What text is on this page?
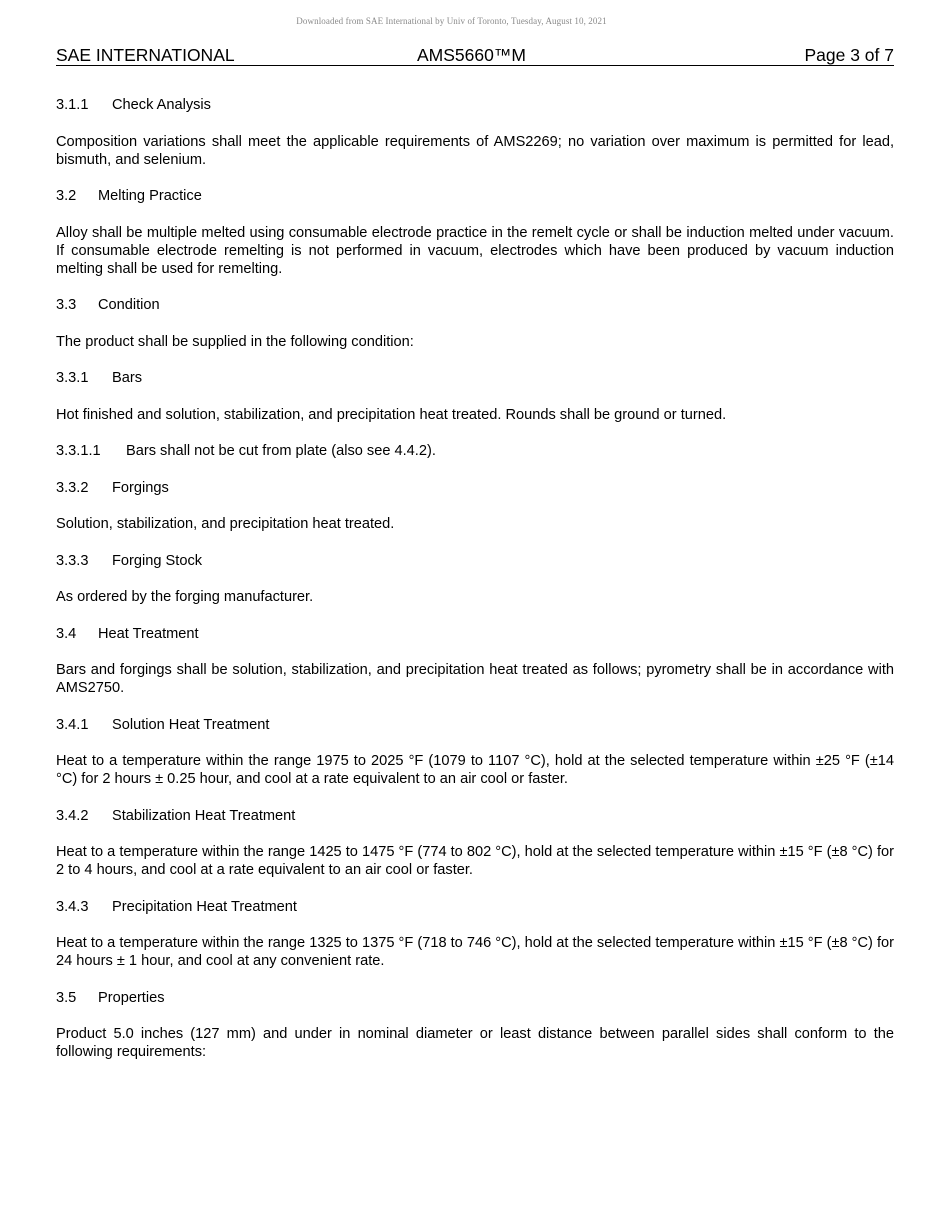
Downloaded from SAE International by Univ of Toronto, Tuesday, August 10, 2021
SAE INTERNATIONAL	AMS5660™M	Page 3 of 7
3.1.1 Check Analysis
Composition variations shall meet the applicable requirements of AMS2269; no variation over maximum is permitted for lead, bismuth, and selenium.
3.2 Melting Practice
Alloy shall be multiple melted using consumable electrode practice in the remelt cycle or shall be induction melted under vacuum. If consumable electrode remelting is not performed in vacuum, electrodes which have been produced by vacuum induction melting shall be used for remelting.
3.3 Condition
The product shall be supplied in the following condition:
3.3.1 Bars
Hot finished and solution, stabilization, and precipitation heat treated. Rounds shall be ground or turned.
3.3.1.1 Bars shall not be cut from plate (also see 4.4.2).
3.3.2 Forgings
Solution, stabilization, and precipitation heat treated.
3.3.3 Forging Stock
As ordered by the forging manufacturer.
3.4 Heat Treatment
Bars and forgings shall be solution, stabilization, and precipitation heat treated as follows; pyrometry shall be in accordance with AMS2750.
3.4.1 Solution Heat Treatment
Heat to a temperature within the range 1975 to 2025 °F (1079 to 1107 °C), hold at the selected temperature within ±25 °F (±14 °C) for 2 hours ± 0.25 hour, and cool at a rate equivalent to an air cool or faster.
3.4.2 Stabilization Heat Treatment
Heat to a temperature within the range 1425 to 1475 °F (774 to 802 °C), hold at the selected temperature within ±15 °F (±8 °C) for 2 to 4 hours, and cool at a rate equivalent to an air cool or faster.
3.4.3 Precipitation Heat Treatment
Heat to a temperature within the range 1325 to 1375 °F (718 to 746 °C), hold at the selected temperature within ±15 °F (±8 °C) for 24 hours ± 1 hour, and cool at any convenient rate.
3.5 Properties
Product 5.0 inches (127 mm) and under in nominal diameter or least distance between parallel sides shall conform to the following requirements:
